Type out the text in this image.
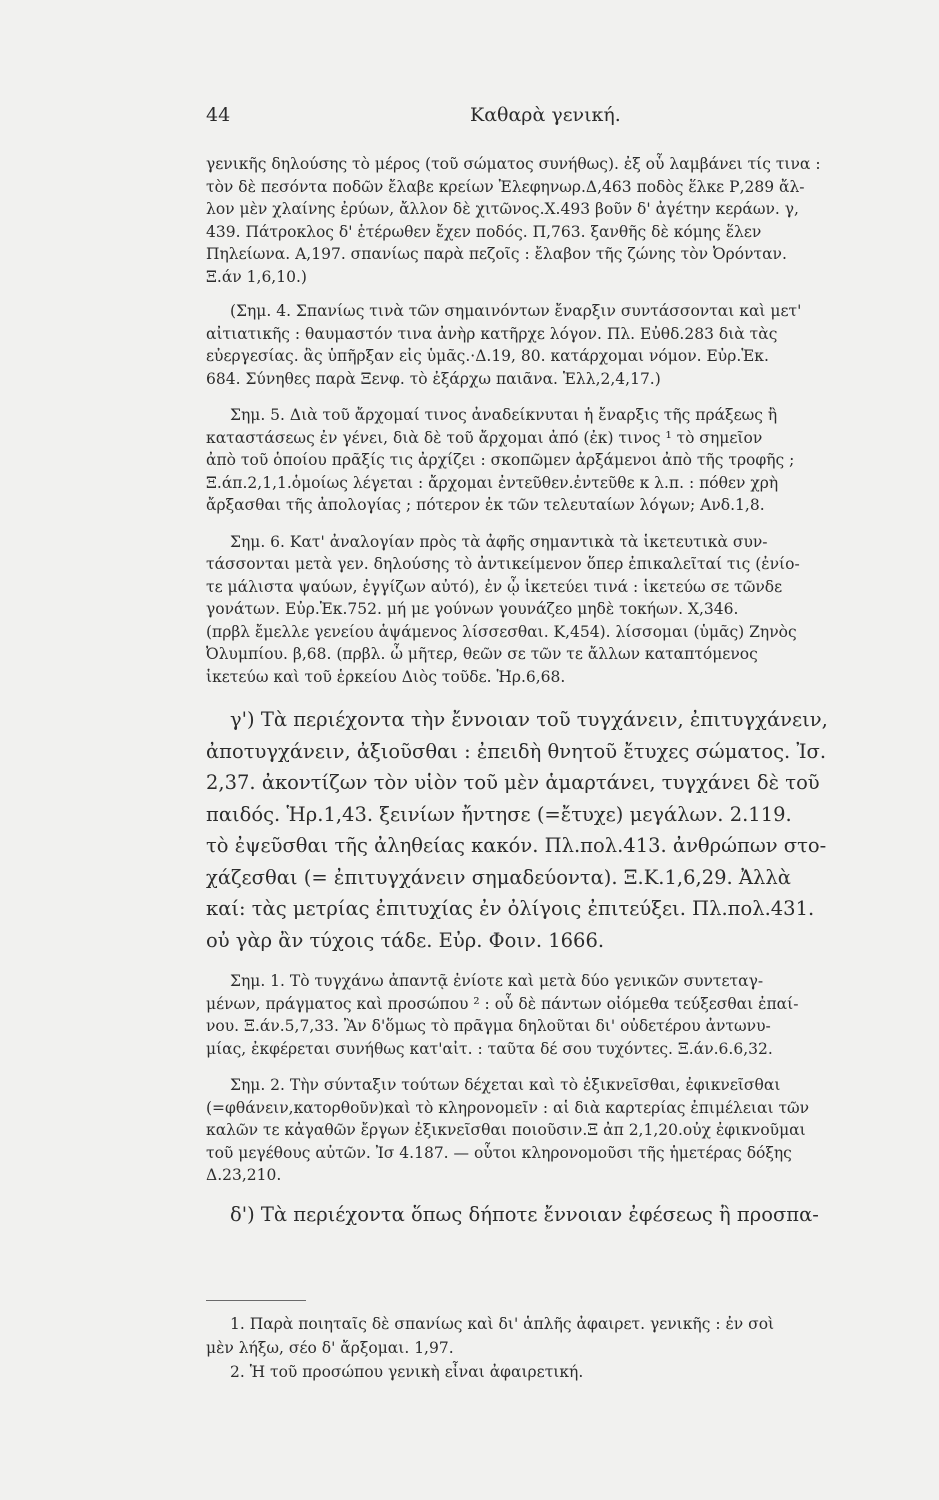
44	Καθαρὰ γενική.
γενικῆς δηλούσης τὸ μέρος (τοῦ σώματος συνήθως). ἐξ οὗ λαμβάνει τίς τινα :
τὸν δὲ πεσόντα ποδῶν ἔλαβε κρείων Ἐλεφηνωρ.Δ,463 ποδὸς ἕλκε Ρ,289 ἄλ-
λον μὲν χλαίνης ἐρύων, ἄλλον δὲ χιτῶνος.Χ.493 βοῦν δ' ἀγέτην κεράων. γ,
439. Πάτροκλος δ' ἑτέρωθεν ἔχεν ποδός. Π,763. ξανθῆς δὲ κόμης ἕλεν
Πηλείωνα. Α,197. σπανίως παρὰ πεζοῖς : ἔλαβον τῆς ζώνης τὸν Ὀρόνταν.
Ξ.άν 1,6,10.)
(Σημ. 4. Σπανίως τινὰ τῶν σημαινόντων ἔναρξιν συντάσσονται καὶ μετ'
αἰτιατικῆς : θαυμαστόν τινα ἀνὴρ κατῆρχε λόγον. Πλ. Εὐθδ.283 διὰ τὰς
εὐεργεσίας. ἃς ὑπῆρξαν εἰς ὑμᾶς.·Δ.19, 80. κατάρχομαι νόμον. Εὐρ.Ἑκ.
684. Σύνηθες παρὰ Ξενφ. τὸ ἐξάρχω παιᾶνα. Ἑλλ,2,4,17.)
Σημ. 5. Διὰ τοῦ ἄρχομαί τινος ἀναδείκνυται ἡ ἔναρξις τῆς πράξεως ἢ
καταστάσεως ἐν γένει, διὰ δὲ τοῦ ἄρχομαι ἀπό (ἐκ) τινος ¹ τὸ σημεῖον
ἀπὸ τοῦ ὁποίου πρᾶξίς τις ἀρχίζει : σκοπῶμεν ἀρξάμενοι ἀπὸ τῆς τροφῆς ;
Ξ.άπ.2,1,1.ὁμοίως λέγεται : ἄρχομαι ἐντεῦθεν.ἐντεῦθε κ λ.π. : πόθεν χρὴ
ἄρξασθαι τῆς ἀπολογίας ; πότερον ἐκ τῶν τελευταίων λόγων; Ανδ.1,8.
Σημ. 6. Κατ' ἀναλογίαν πρὸς τὰ ἀφῆς σημαντικὰ τὰ ἱκετευτικὰ συν-
τάσσονται μετὰ γεν. δηλούσης τὸ ἀντικείμενον ὅπερ ἐπικαλεῖταί τις (ἐνίο-
τε μάλιστα ψαύων, ἐγγίζων αὐτό), ἐν ᾧ ἱκετεύει τινά : ἱκετεύω σε τῶνδε
γονάτων. Εὐρ.Ἑκ.752. μή με γούνων γουνάζεο μηδὲ τοκήων. Χ,346.
(πρβλ ἔμελλε γενείου ἁψάμενος λίσσεσθαι. Κ,454). λίσσομαι (ὑμᾶς) Ζηνὸς
Ὀλυμπίου. β,68. (πρβλ. ὦ μῆτερ, θεῶν σε τῶν τε ἄλλων καταπτόμενος
ἱκετεύω καὶ τοῦ ἑρκείου Διὸς τοῦδε. Ἡρ.6,68.
γ') Τὰ περιέχοντα τὴν ἔννοιαν τοῦ τυγχάνειν, ἐπιτυγχάνειν,
ἀποτυγχάνειν, ἀξιοῦσθαι : ἐπειδὴ θνητοῦ ἔτυχες σώματος. Ἰσ.
2,37. ἀκοντίζων τὸν υἱὸν τοῦ μὲν ἁμαρτάνει, τυγχάνει δὲ τοῦ
παιδός. Ἡρ.1,43. ξεινίων ἤντησε (=ἔτυχε) μεγάλων. 2.119.
τὸ ἐψεῦσθαι τῆς ἀληθείας κακόν. Πλ.πολ.413. ἀνθρώπων στο-
χάζεσθαι (= ἐπιτυγχάνειν σημαδεύοντα). Ξ.Κ.1,6,29. Ἀλλὰ
καί: τὰς μετρίας ἐπιτυχίας ἐν ὀλίγοις ἐπιτεύξει. Πλ.πολ.431.
οὐ γὰρ ἂν τύχοις τάδε. Εὐρ. Φοιν. 1666.
Σημ. 1. Τὸ τυγχάνω ἀπαντᾷ ἐνίοτε καὶ μετὰ δύο γενικῶν συντεταγ-
μένων, πράγματος καὶ προσώπου ² : οὗ δὲ πάντων οἰόμεθα τεύξεσθαι ἐπαί-
νου. Ξ.άν.5,7,33. Ἂν δ'ὅμως τὸ πρᾶγμα δηλοῦται δι' οὐδετέρου ἀντωνυ-
μίας, ἐκφέρεται συνήθως κατ'αἰτ. : ταῦτα δέ σου τυχόντες. Ξ.άν.6.6,32.
Σημ. 2. Τὴν σύνταξιν τούτων δέχεται καὶ τὸ ἐξικνεῖσθαι, ἐφικνεῖσθαι
(=φθάνειν,κατορθοῦν)καὶ τὸ κληρονομεῖν : αἱ διὰ καρτερίας ἐπιμέλειαι τῶν
καλῶν τε κἀγαθῶν ἔργων ἐξικνεῖσθαι ποιοῦσιν.Ξ ἀπ 2,1,20.οὐχ ἐφικνοῦμαι
τοῦ μεγέθους αὐτῶν. Ἰσ 4.187. — οὗτοι κληρονομοῦσι τῆς ἡμετέρας δόξης
Δ.23,210.
δ') Τὰ περιέχοντα ὅπως δήποτε ἔννοιαν ἐφέσεως ἢ προσπα-
1. Παρὰ ποιηταῖς δὲ σπανίως καὶ δι' ἁπλῆς ἀφαιρετ. γενικῆς : ἐν σοὶ
μὲν λήξω, σέο δ' ἄρξομαι. 1,97.
2. Ἡ τοῦ προσώπου γενικὴ εἶναι ἀφαιρετική.
